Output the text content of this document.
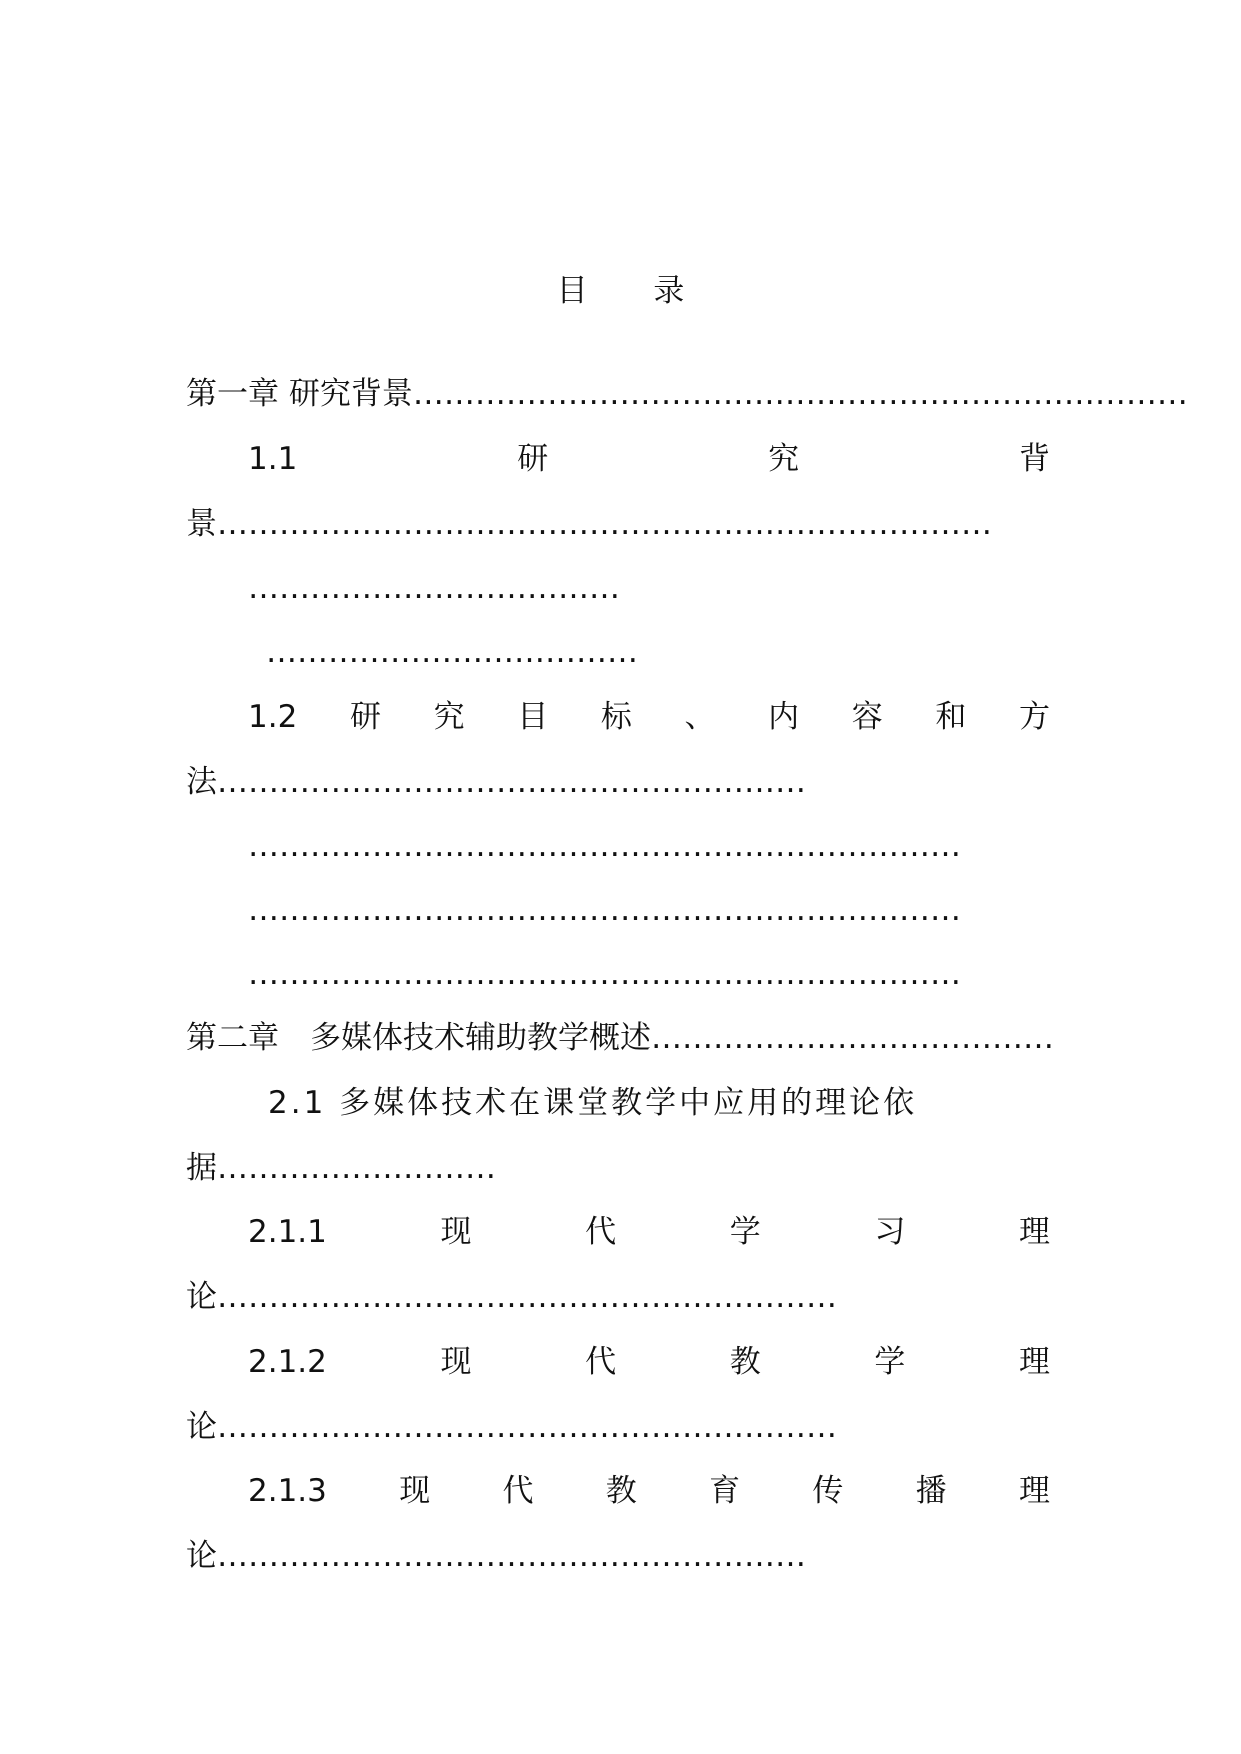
目 录
第一章 研究背景…………………………………………………………………
1.1	研	究	背
景…………………………………………………………………
………………………………
………………………………
1.2 研 究 目 标 、 内 容 和 方
法…………………………………………………
……………………………………………………………
……………………………………………………………
……………………………………………………………
第二章　多媒体技术辅助教学概述…………………………………
2.1 多媒体技术在课堂教学中应用的理论依
据………………………
2.1.1	现	代	学	习	理
论……………………………………………………
2.1.2	现	代	教	学	理
论……………………………………………………
2.1.3 现 代 教 育 传 播 理
论…………………………………………………
